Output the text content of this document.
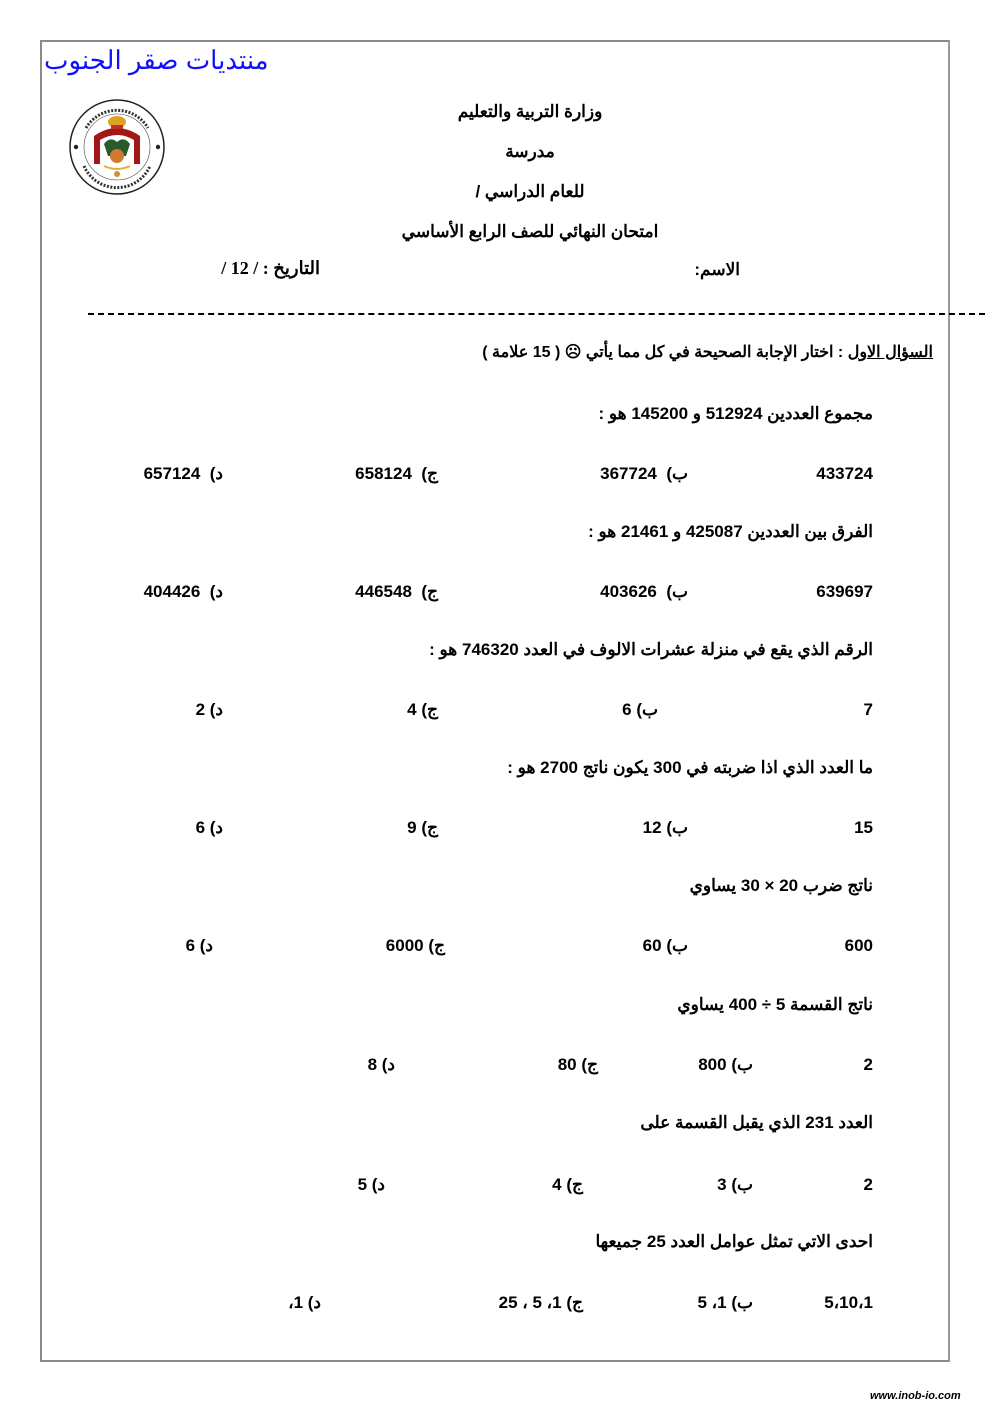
منتديات صقر الجنوب
وزارة التربية والتعليم
مدرسة
للعام الدراسي /
امتحان النهائي للصف الرابع الأساسي
الاسم:
التاريخ : / 12 /
السؤال الاول : اختار الإجابة الصحيحة في كل مما يأتي ☹ ( 15 علامة )
مجموع العددين 512924 و 145200 هو :
433724
ب)  367724
ج)  658124
د)  657124
الفرق بين العددين 425087 و 21461 هو :
639697
ب)  403626
ج)  446548
د)  404426
الرقم الذي يقع في منزلة عشرات الالوف في العدد 746320 هو :
7
ب) 6
ج) 4
د) 2
ما العدد الذي اذا ضربته في 300 يكون ناتج 2700 هو :
15
ب) 12
ج) 9
د) 6
ناتج ضرب 20 × 30 يساوي
600
ب) 60
ج) 6000
د) 6
ناتج القسمة 5 ÷ 400 يساوي
2
ب) 800
ج) 80
د) 8
العدد 231 الذي يقبل القسمة على
2
ب) 3
ج) 4
د) 5
احدى الاتي تمثل عوامل العدد 25 جميعها
5،10،1
ب) 1، 5
ج) 1، 5 ، 25
د) 1،
www.inob-io.com
